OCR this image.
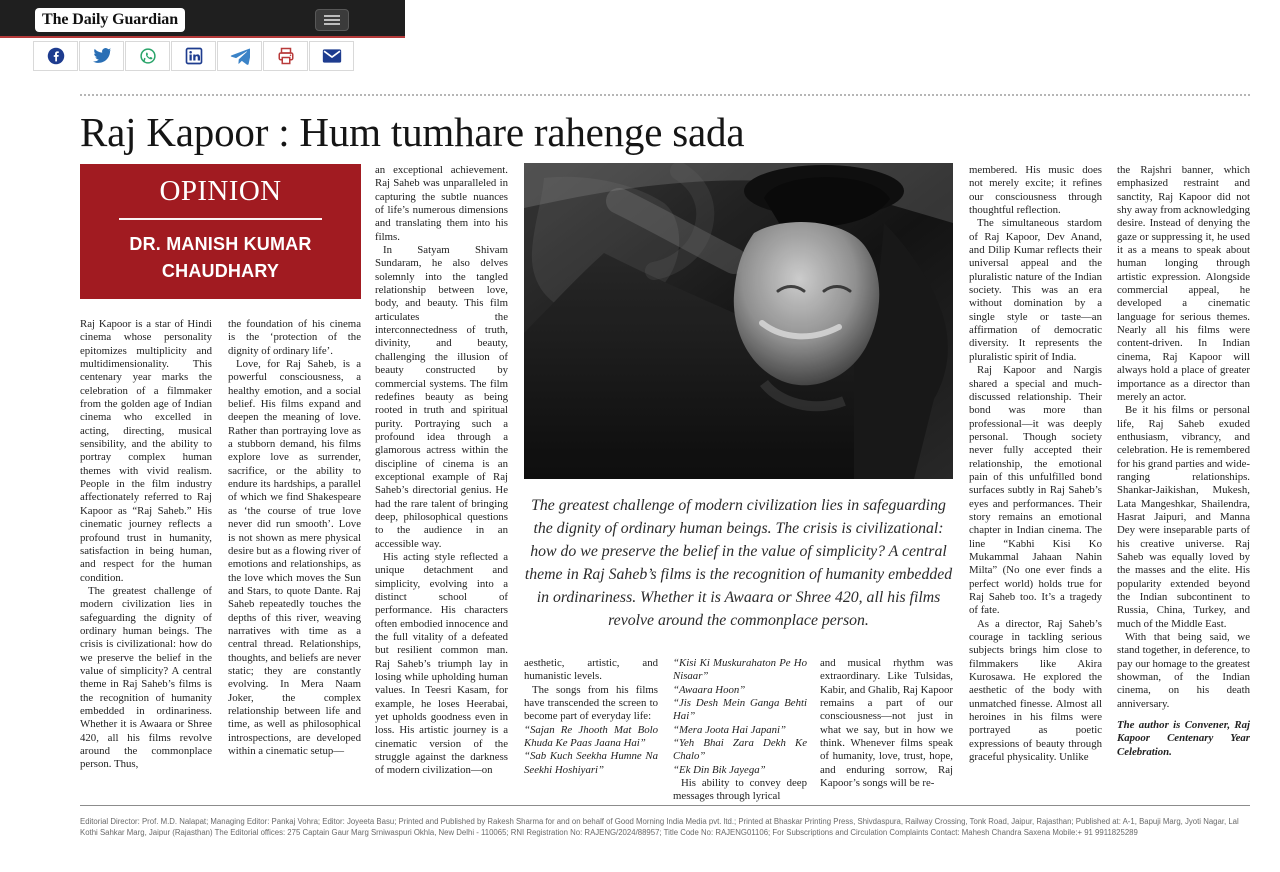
The Daily Guardian
Raj Kapoor : Hum tumhare rahenge sada
OPINION
DR. MANISH KUMAR
CHAUDHARY

Raj Kapoor is a star of Hindi cinema whose personality epitomizes multiplicity and multidimensionality. This centenary year marks the celebration of a filmmaker from the golden age of Indian cinema who excelled in acting, directing, musical sensibility, and the ability to portray complex human themes with vivid realism. People in the film industry affectionately referred to Raj Kapoor as “Raj Saheb.” His cinematic journey reflects a profound trust in humanity, satisfaction in being human, and respect for the human condition.

The greatest challenge of modern civilization lies in safeguarding the dignity of ordinary human beings. The crisis is civilizational: how do we preserve the belief in the value of simplicity? A central theme in Raj Saheb’s films is the recognition of humanity embedded in ordinariness. Whether it is Awaara or Shree 420, all his films revolve around the commonplace person. Thus,

the foundation of his cinema is the ‘protection of the dignity of ordinary life’.

Love, for Raj Saheb, is a powerful consciousness, a healthy emotion, and a social belief. His films expand and deepen the meaning of love. Rather than portraying love as a stubborn demand, his films explore love as surrender, sacrifice, or the ability to endure its hardships, a parallel of which we find Shakespeare as ‘the course of true love never did run smooth’. Love is not shown as mere physical desire but as a flowing river of emotions and relationships, as the love which moves the Sun and Stars, to quote Dante. Raj Saheb repeatedly touches the depths of this river, weaving narratives with time as a central thread. Relationships, thoughts, and beliefs are never static; they are constantly evolving. In Mera Naam Joker, the complex relationship between life and time, as well as philosophical introspections, are developed within a cinematic setup—

an exceptional achievement. Raj Saheb was unparalleled in capturing the subtle nuances of life’s numerous dimensions and translating them into his films.

In Satyam Shivam Sundaram, he also delves solemnly into the tangled relationship between love, body, and beauty. This film articulates the interconnectedness of truth, divinity, and beauty, challenging the illusion of beauty constructed by commercial systems. The film redefines beauty as being rooted in truth and spiritual purity. Portraying such a profound idea through a glamorous actress within the discipline of cinema is an exceptional example of Raj Saheb’s directorial genius. He had the rare talent of bringing deep, philosophical questions to the audience in an accessible way.

His acting style reflected a unique detachment and simplicity, evolving into a distinct school of performance. His characters often embodied innocence and the full vitality of a defeated but resilient common man. Raj Saheb’s triumph lay in losing while upholding human values. In Teesri Kasam, for example, he loses Heerabai, yet upholds goodness even in loss. His artistic journey is a cinematic version of the struggle against the darkness of modern civilization—on

The greatest challenge of modern civilization lies in safeguarding the dignity of ordinary human beings. The crisis is civilizational: how do we preserve the belief in the value of simplicity? A central theme in Raj Saheb’s films is the recognition of humanity embedded in ordinariness. Whether it is Awaara or Shree 420, all his films revolve around the commonplace person.

aesthetic, artistic, and humanistic levels.

The songs from his films have transcended the screen to become part of everyday life:

“Sajan Re Jhooth Mat Bolo Khuda Ke Paas Jaana Hai”

“Sab Kuch Seekha Humne Na Seekhi Hoshiyari”

“Kisi Ki Muskurahaton Pe Ho Nisaar”

“Awaara Hoon”

“Jis Desh Mein Ganga Behti Hai”

“Mera Joota Hai Japani”

“Yeh Bhai Zara Dekh Ke Chalo”

“Ek Din Bik Jayega”

His ability to convey deep messages through lyrical

and musical rhythm was extraordinary. Like Tulsidas, Kabir, and Ghalib, Raj Kapoor remains a part of our consciousness—not just in what we say, but in how we think. Whenever films speak of humanity, love, trust, hope, and enduring sorrow, Raj Kapoor’s songs will be re-

membered. His music does not merely excite; it refines our consciousness through thoughtful reflection.

The simultaneous stardom of Raj Kapoor, Dev Anand, and Dilip Kumar reflects their universal appeal and the pluralistic nature of the Indian society. This was an era without domination by a single style or taste—an affirmation of democratic diversity. It represents the pluralistic spirit of India.

Raj Kapoor and Nargis shared a special and much-discussed relationship. Their bond was more than professional—it was deeply personal. Though society never fully accepted their relationship, the emotional pain of this unfulfilled bond surfaces subtly in Raj Saheb’s eyes and performances. Their story remains an emotional chapter in Indian cinema. The line “Kabhi Kisi Ko Mukammal Jahaan Nahin Milta” (No one ever finds a perfect world) holds true for Raj Saheb too. It’s a tragedy of fate.

As a director, Raj Saheb’s courage in tackling serious subjects brings him close to filmmakers like Akira Kurosawa. He explored the aesthetic of the body with unmatched finesse. Almost all heroines in his films were portrayed as poetic expressions of beauty through graceful physicality. Unlike

the Rajshri banner, which emphasized restraint and sanctity, Raj Kapoor did not shy away from acknowledging desire. Instead of denying the gaze or suppressing it, he used it as a means to speak about human longing through artistic expression. Alongside commercial appeal, he developed a cinematic language for serious themes. Nearly all his films were content-driven. In Indian cinema, Raj Kapoor will always hold a place of greater importance as a director than merely an actor.

Be it his films or personal life, Raj Saheb exuded enthusiasm, vibrancy, and celebration. He is remembered for his grand parties and wide-ranging relationships. Shankar-Jaikishan, Mukesh, Lata Mangeshkar, Shailendra, Hasrat Jaipuri, and Manna Dey were inseparable parts of his creative universe. Raj Saheb was equally loved by the masses and the elite. His popularity extended beyond the Indian subcontinent to Russia, China, Turkey, and much of the Middle East.

With that being said, we stand together, in deference, to pay our homage to the greatest showman, of the Indian cinema, on his death anniversary.

The author is Convener, Raj Kapoor Centenary Year Celebration.

Editorial Director: Prof. M.D. Nalapat; Managing Editor: Pankaj Vohra; Editor: Joyeeta Basu; Printed and Published by Rakesh Sharma for and on behalf of Good Morning India Media pvt. ltd.; Printed at Bhaskar Printing Press, Shivdaspura, Railway Crossing, Tonk Road, Jaipur, Rajasthan; Published at: A-1, Bapuji Marg, Jyoti Nagar, Lal Kothi Sahkar Marg, Jaipur (Rajasthan) The Editorial offices: 275 Captain Gaur Marg Srniwaspuri Okhla, New Delhi - 110065; RNI Registration No: RAJENG/2024/88957; Title Code No: RAJENG01106; For Subscriptions and Circulation Complaints Contact: Mahesh Chandra Saxena Mobile:+ 91 9911825289
